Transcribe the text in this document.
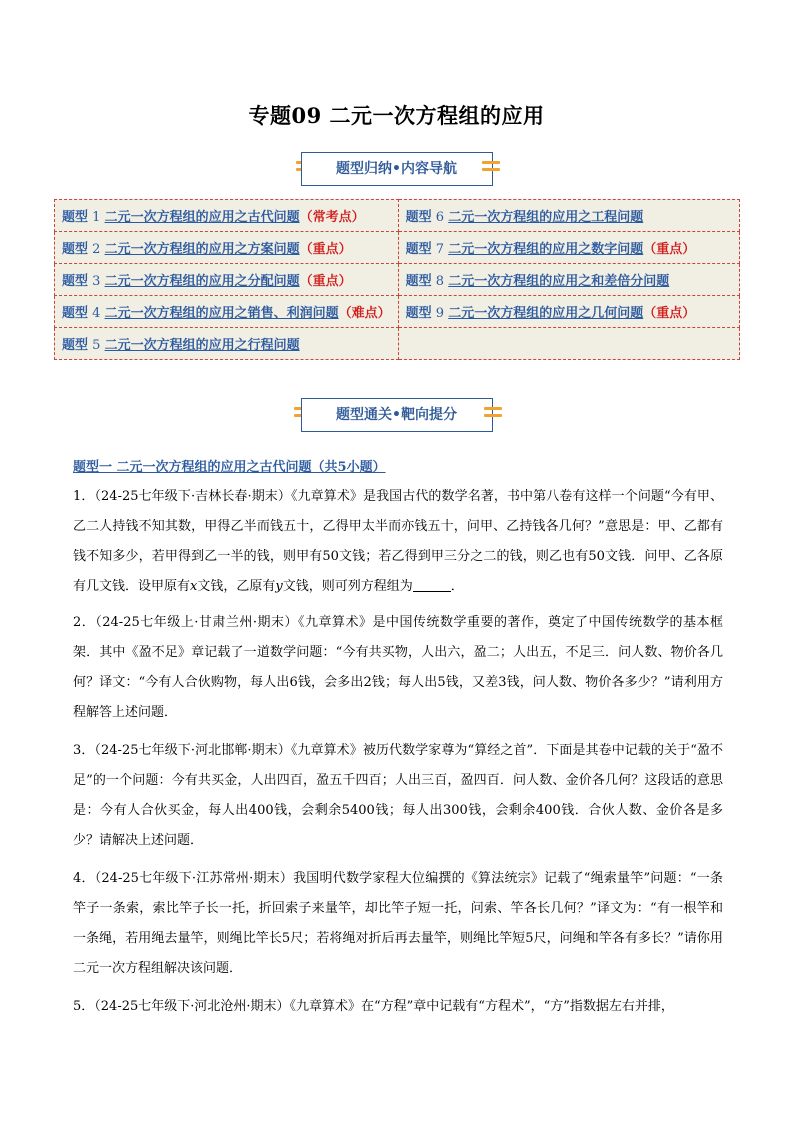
专题09 二元一次方程组的应用
题型归纳•内容导航
题型 1 二元一次方程组的应用之古代问题（常考点）	题型 6 二元一次方程组的应用之工程问题
题型 2 二元一次方程组的应用之方案问题（重点）	题型 7 二元一次方程组的应用之数字问题（重点）
题型 3 二元一次方程组的应用之分配问题（重点）	题型 8 二元一次方程组的应用之和差倍分问题
题型 4 二元一次方程组的应用之销售、利润问题（难点）	题型 9 二元一次方程组的应用之几何问题（重点）
题型 5 二元一次方程组的应用之行程问题	
题型通关•靶向提分
题型一 二元一次方程组的应用之古代问题（共5小题）
1．（24-25七年级下·吉林长春·期末）《九章算术》是我国古代的数学名著，书中第八卷有这样一个问题“今有甲、乙二人持钱不知其数，甲得乙半而钱五十，乙得甲太半而亦钱五十，问甲、乙持钱各几何？”意思是：甲、乙都有钱不知多少，若甲得到乙一半的钱，则甲有50文钱；若乙得到甲三分之二的钱，则乙也有50文钱．问甲、乙各原有几文钱．设甲原有x文钱，乙原有y文钱，则可列方程组为	．
2．（24-25七年级上·甘肃兰州·期末）《九章算术》是中国传统数学重要的著作，奠定了中国传统数学的基本框架．其中《盈不足》章记载了一道数学问题：“今有共买物，人出六，盈二；人出五，不足三．问人数、物价各几何？译文：“今有人合伙购物，每人出6钱，会多出2钱；每人出5钱，又差3钱，问人数、物价各多少？”请利用方程解答上述问题．
3．（24-25七年级下·河北邯郸·期末）《九章算术》被历代数学家尊为“算经之首”．下面是其卷中记载的关于“盈不足”的一个问题：今有共买金，人出四百，盈五千四百；人出三百，盈四百．问人数、金价各几何？这段话的意思是：今有人合伙买金，每人出400钱，会剩余5400钱；每人出300钱，会剩余400钱．合伙人数、金价各是多少？请解决上述问题．
4．（24-25七年级下·江苏常州·期末）我国明代数学家程大位编撰的《算法统宗》记载了“绳索量竿”问题：“一条竿子一条索，索比竿子长一托，折回索子来量竿，却比竿子短一托，问索、竿各长几何？”译文为：“有一根竿和一条绳，若用绳去量竿，则绳比竿长5尺；若将绳对折后再去量竿，则绳比竿短5尺，问绳和竿各有多长？”请你用二元一次方程组解决该问题．
5．（24-25七年级下·河北沧州·期末）《九章算术》在“方程”章中记载有“方程术”，“方”指数据左右并排，
